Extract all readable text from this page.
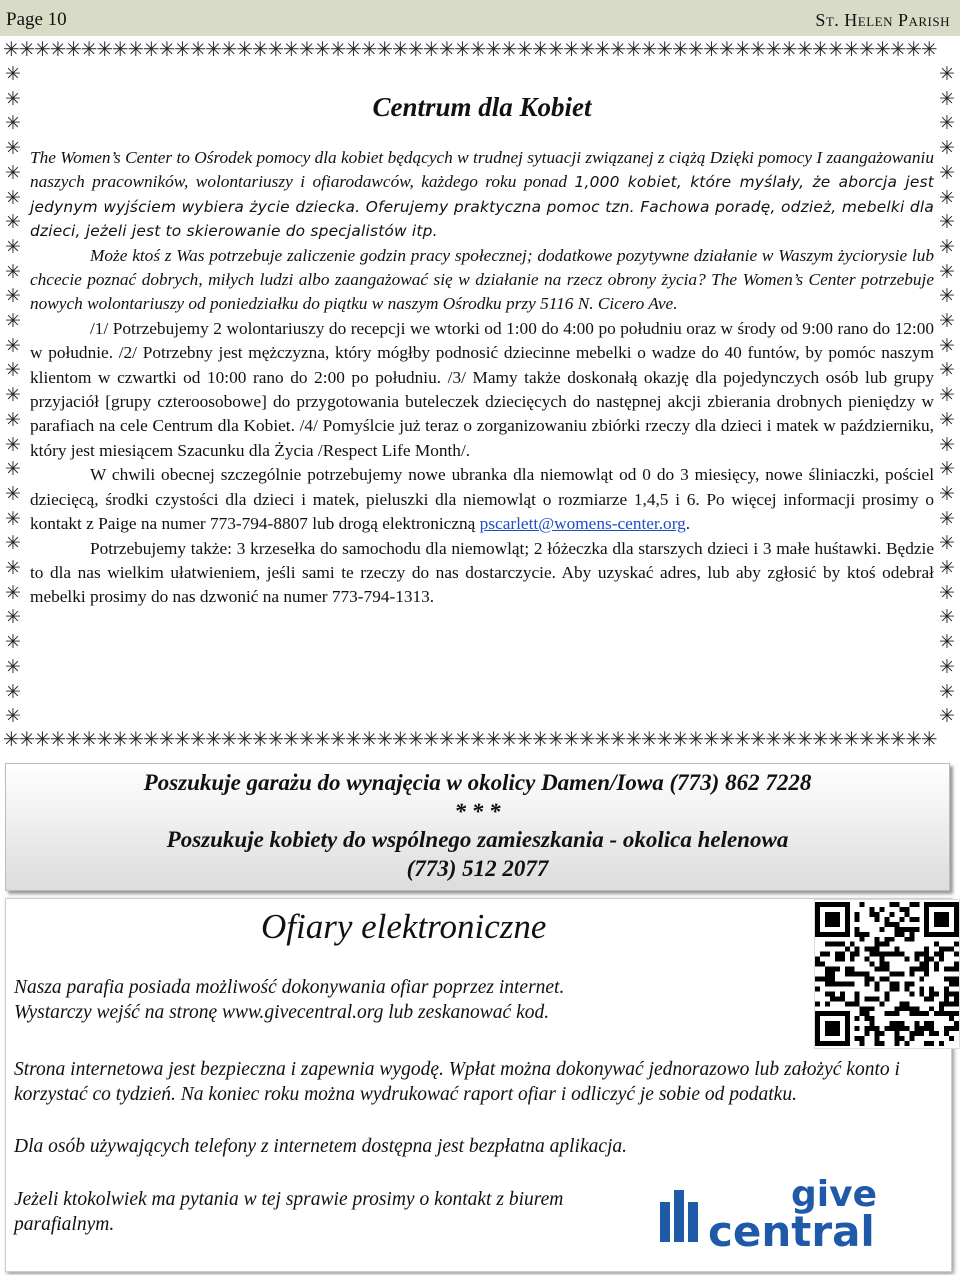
Page 10	St. Helen Parish
✳✳✳✳✳✳✳✳✳✳✳✳✳✳✳✳✳✳✳✳✳✳✳✳✳✳✳✳✳✳✳✳✳✳✳✳✳✳✳✳✳✳✳✳✳✳✳✳✳✳✳✳✳✳✳✳✳✳✳✳
✳✳✳✳✳✳✳✳✳✳✳✳✳✳✳✳✳✳✳✳✳✳✳✳✳✳✳✳✳✳✳✳✳✳✳✳✳✳✳✳✳✳✳✳✳✳✳✳✳✳✳✳✳✳✳✳✳✳✳✳
✳
✳
✳
✳
✳
✳
✳
✳
✳
✳
✳
✳
✳
✳
✳
✳
✳
✳
✳
✳
✳
✳
✳
✳
✳
✳
✳

✳
✳
✳
✳
✳
✳
✳
✳
✳
✳
✳
✳
✳
✳
✳
✳
✳
✳
✳
✳
✳
✳
✳
✳
✳
✳
✳

Centrum dla Kobiet

The Women’s Center to Ośrodek pomocy dla kobiet będących w trudnej sytuacji związanej z ciążą Dzięki pomocy I zaangażowaniu naszych pracowników, wolontariuszy i ofiarodawców, każdego roku ponad 1,000 kobiet, które myślały, że aborcja jest jedynym wyjściem wybiera życie dziecka. Oferujemy praktyczna pomoc tzn. Fachowa poradę, odzież, mebelki dla dzieci, jeżeli jest to skierowanie do specjalistów itp.

Może ktoś z Was potrzebuje zaliczenie godzin pracy społecznej; dodatkowe pozytywne działanie w Waszym życiorysie lub chcecie poznać dobrych, miłych ludzi albo zaangażować się w działanie na rzecz obrony życia? The Women’s Center potrzebuje nowych wolontariuszy od poniedziałku do piątku w naszym Ośrodku przy 5116 N. Cicero Ave.

/1/ Potrzebujemy 2 wolontariuszy do recepcji we wtorki od 1:00 do 4:00 po południu oraz w środy od 9:00 rano do 12:00 w południe. /2/ Potrzebny jest mężczyzna, który mógłby podnosić dziecinne mebelki o wadze do 40 funtów, by pomóc naszym klientom w czwartki od 10:00 rano do 2:00 po południu. /3/ Mamy także doskonałą okazję dla pojedynczych osób lub grupy przyjaciół [grupy czteroosobowe] do przygotowania buteleczek dziecięcych do następnej akcji zbierania drobnych pieniędzy w parafiach na cele Centrum dla Kobiet. /4/ Pomyślcie już teraz o zorganizowaniu zbiórki rzeczy dla dzieci i matek w październiku, który jest miesiącem Szacunku dla Życia /Respect Life Month/.

W chwili obecnej szczególnie potrzebujemy nowe ubranka dla niemowląt od 0 do 3 miesięcy, nowe śliniaczki, pościel dziecięcą, środki czystości dla dzieci i matek, pieluszki dla niemowląt o rozmiarze 1,4,5 i 6. Po więcej informacji prosimy o kontakt z Paige na numer 773-794-8807 lub drogą elektroniczną pscarlett@womens-center.org.

Potrzebujemy także: 3 krzesełka do samochodu dla niemowląt; 2 łóżeczka dla starszych dzieci i 3 małe huśtawki. Będzie to dla nas wielkim ułatwieniem, jeśli sami te rzeczy do nas dostarczycie. Aby uzyskać adres, lub aby zgłosić by ktoś odebrał mebelki prosimy do nas dzwonić na numer 773-794-1313.

Poszukuje garażu do wynajęcia w okolicy Damen/Iowa (773) 862 7228
* * *
Poszukuje kobiety do wspólnego zamieszkania - okolica helenowa
(773) 512 2077
Ofiary elektroniczne
Nasza parafia posiada możliwość dokonywania ofiar poprzez internet.
Wystarczy wejść na stronę www.givecentral.org lub zeskanować kod.
Strona internetowa jest bezpieczna i zapewnia wygodę. Wpłat można dokonywać jednorazowo lub założyć konto i korzystać co tydzień. Na koniec roku można wydrukować raport ofiar i odliczyć je sobie od podatku.
Dla osób używających telefony z internetem dostępna jest bezpłatna aplikacja.
Jeżeli ktokolwiek ma pytania w tej sprawie prosimy o kontakt z biurem parafialnym.
give
central
